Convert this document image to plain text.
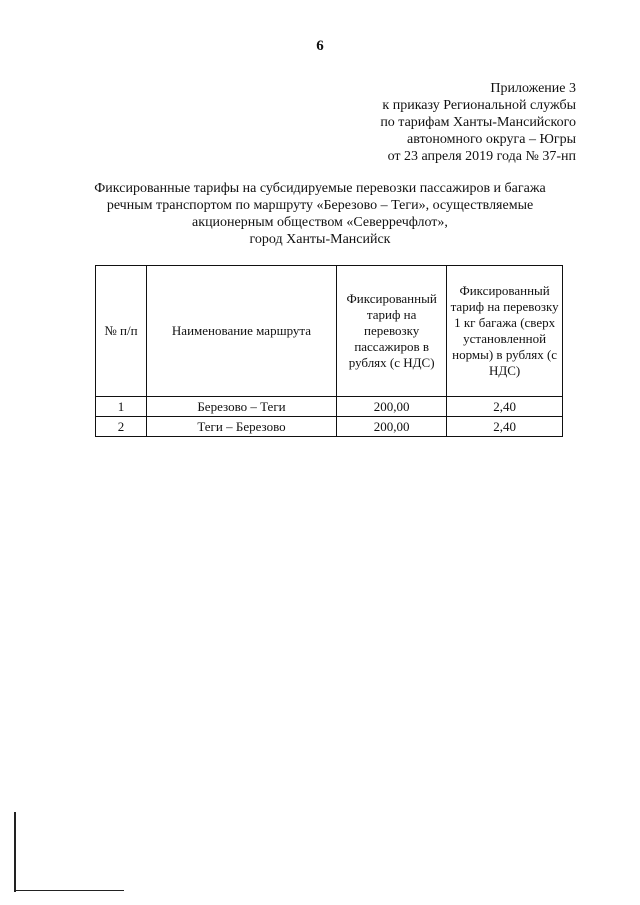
6
Приложение 3
к приказу Региональной службы
по тарифам Ханты-Мансийского
автономного округа – Югры
от 23 апреля 2019 года № 37-нп
Фиксированные тарифы на субсидируемые перевозки пассажиров и багажа
речным транспортом по маршруту «Березово – Теги», осуществляемые
акционерным обществом «Северречфлот»,
город Ханты-Мансийск
№ п/п	Наименование маршрута	Фиксированный тариф на перевозку пассажиров в рублях (с НДС)	Фиксированный тариф на перевозку 1 кг багажа (сверх установленной нормы) в рублях (с НДС)
1	Березово – Теги	200,00	2,40
2	Теги – Березово	200,00	2,40
